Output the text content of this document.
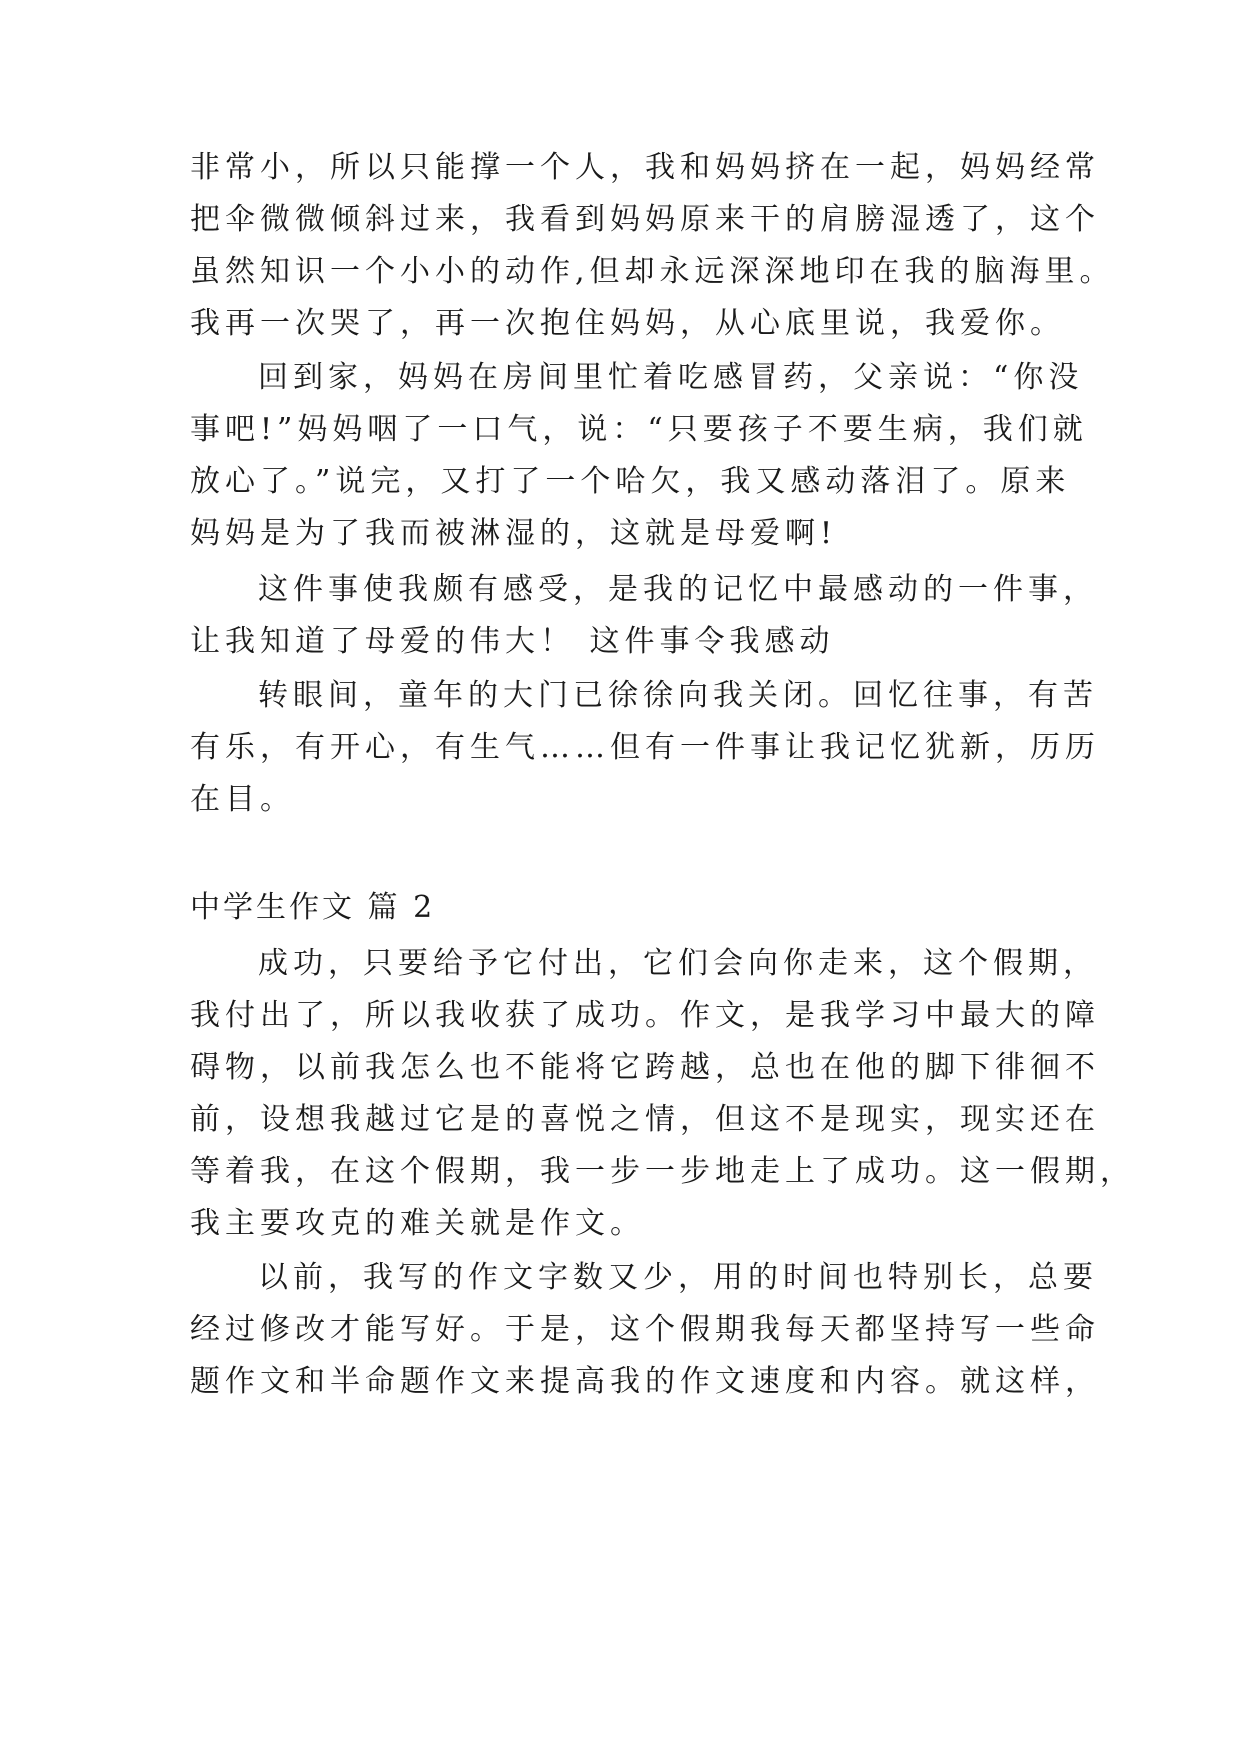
非常小，所以只能撑一个人，我和妈妈挤在一起，妈妈经常
把伞微微倾斜过来，我看到妈妈原来干的肩膀湿透了，这个
虽然知识一个小小的动作,但却永远深深地印在我的脑海里。
我再一次哭了，再一次抱住妈妈，从心底里说，我爱你。
回到家，妈妈在房间里忙着吃感冒药，父亲说：“你没
事吧!”妈妈咽了一口气，说：“只要孩子不要生病，我们就
放心了。”说完，又打了一个哈欠，我又感动落泪了。原来
妈妈是为了我而被淋湿的，这就是母爱啊!
这件事使我颇有感受，是我的记忆中最感动的一件事，
让我知道了母爱的伟大！ 这件事令我感动
转眼间，童年的大门已徐徐向我关闭。回忆往事，有苦
有乐，有开心，有生气……但有一件事让我记忆犹新，历历
在目。
中学生作文 篇 2
成功，只要给予它付出，它们会向你走来，这个假期，
我付出了，所以我收获了成功。作文，是我学习中最大的障
碍物，以前我怎么也不能将它跨越，总也在他的脚下徘徊不
前，设想我越过它是的喜悦之情，但这不是现实，现实还在
等着我，在这个假期，我一步一步地走上了成功。这一假期，
我主要攻克的难关就是作文。
以前，我写的作文字数又少，用的时间也特别长，总要
经过修改才能写好。于是，这个假期我每天都坚持写一些命
题作文和半命题作文来提高我的作文速度和内容。就这样，
